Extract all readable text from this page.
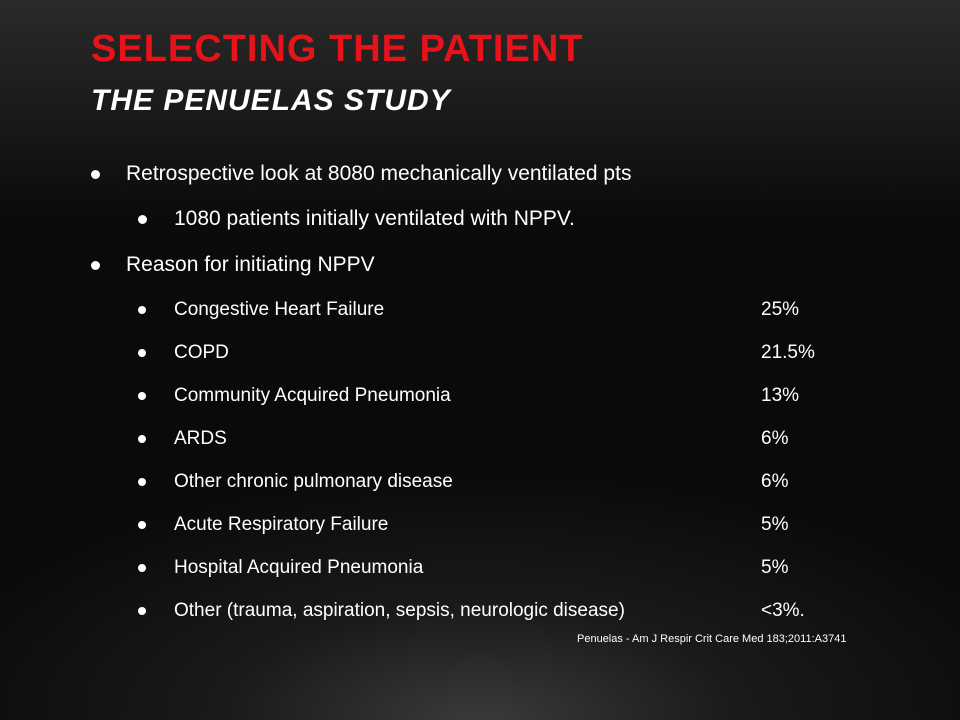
SELECTING THE PATIENT
THE PENUELAS STUDY
Retrospective look at 8080 mechanically ventilated pts
1080 patients initially ventilated with NPPV.
Reason for initiating NPPV
Congestive Heart Failure	25%
COPD	21.5%
Community Acquired Pneumonia	13%
ARDS	6%
Other chronic pulmonary disease	6%
Acute Respiratory Failure	5%
Hospital Acquired Pneumonia	5%
Other (trauma, aspiration, sepsis, neurologic disease)	<3%.
Penuelas - Am J Respir Crit Care Med 183;2011:A3741
